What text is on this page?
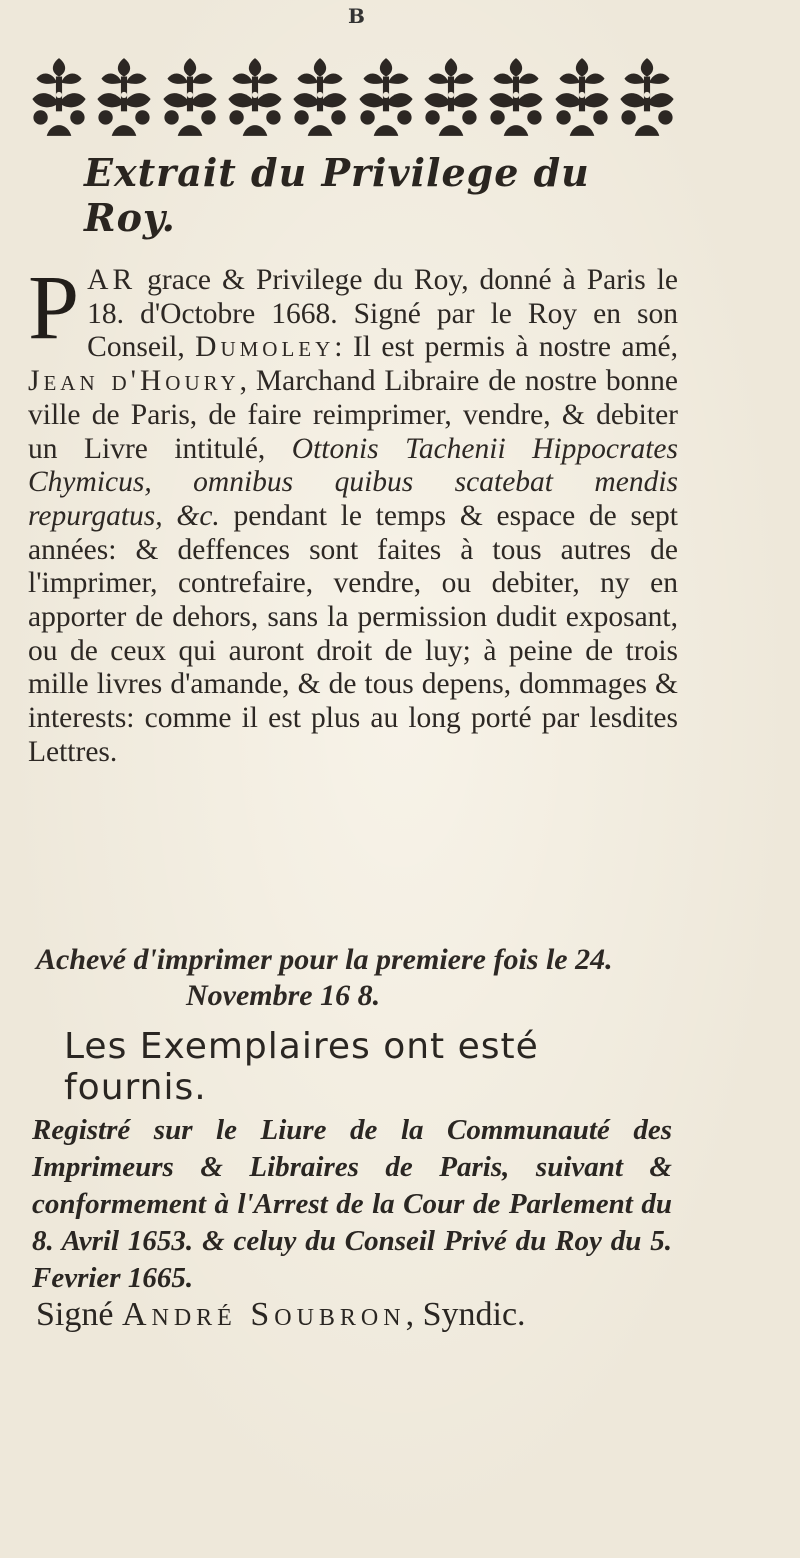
B
Extrait du Privilege du Roy.
PAR grace & Privilege du Roy, donné à Paris le 18. d'Octobre 1668. Signé par le Roy en son Conseil, Dumoley: Il est permis à nostre amé, Jean d'Houry, Marchand Libraire de nostre bonne ville de Paris, de faire reimprimer, vendre, & debiter un Livre intitulé, Ottonis Tachenii Hippocrates Chymicus, omnibus quibus scatebat mendis repurgatus, &c. pendant le temps & espace de sept années: & deffences sont faites à tous autres de l'imprimer, contrefaire, vendre, ou debiter, ny en apporter de dehors, sans la permission dudit exposant, ou de ceux qui auront droit de luy; à peine de trois mille livres d'amande, & de tous depens, dommages & interests: comme il est plus au long porté par lesdites Lettres.
Achevé d'imprimer pour la premiere fois le 24.
Novembre 16 8.
Les Exemplaires ont esté fournis.
Registré sur le Liure de la Communauté des Imprimeurs & Libraires de Paris, suivant & conformement à l'Arrest de la Cour de Parlement du 8. Avril 1653. & celuy du Conseil Privé du Roy du 5. Fevrier 1665.
Signé André Soubron, Syndic.
